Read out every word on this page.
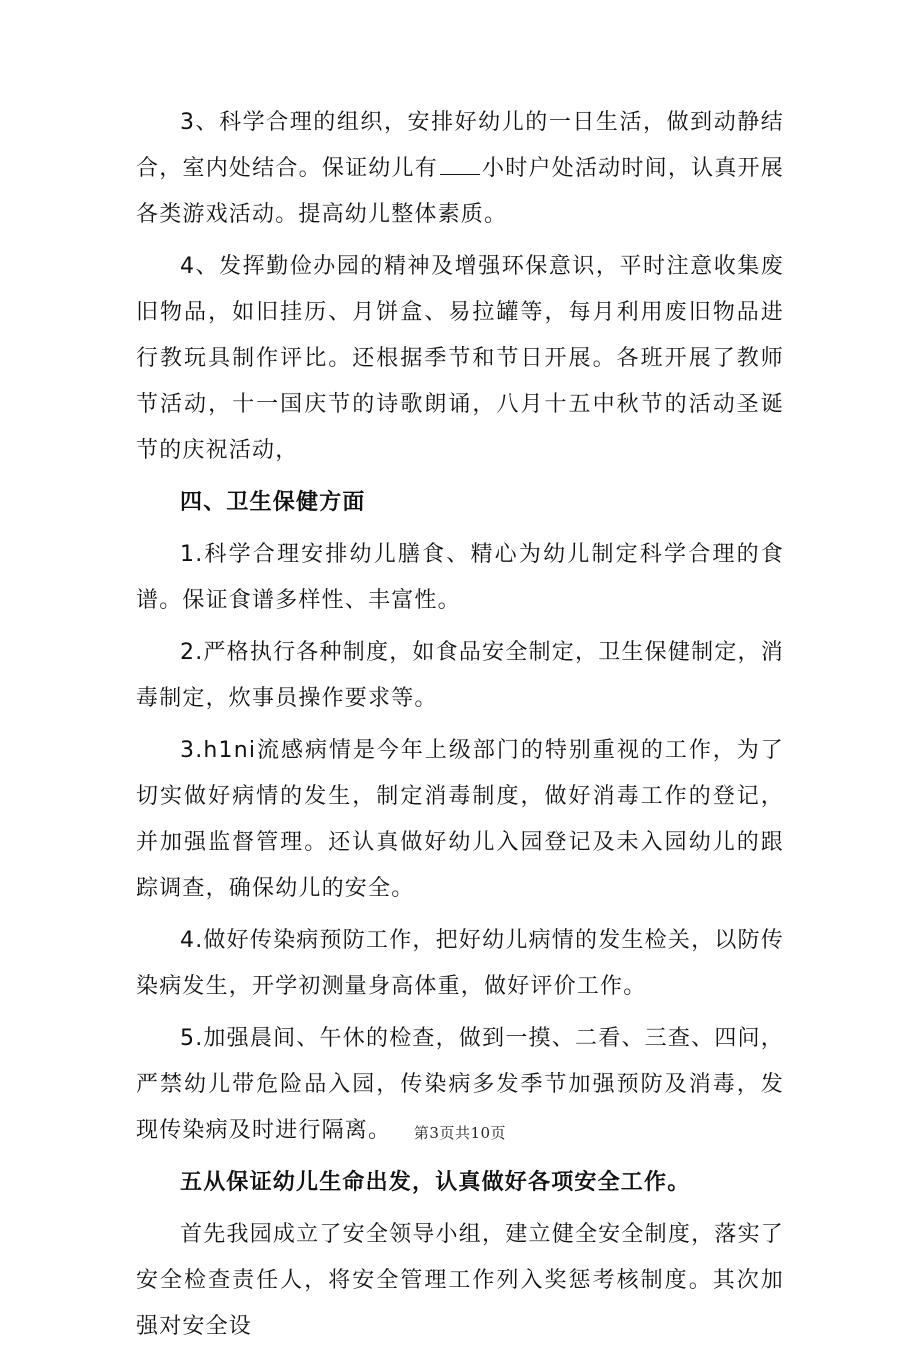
3、科学合理的组织，安排好幼儿的一日生活，做到动静结合，室内处结合。保证幼儿有 小时户处活动时间，认真开展各类游戏活动。提高幼儿整体素质。

4、发挥勤俭办园的精神及增强环保意识，平时注意收集废旧物品，如旧挂历、月饼盒、易拉罐等，每月利用废旧物品进行教玩具制作评比。还根据季节和节日开展。各班开展了教师节活动，十一国庆节的诗歌朗诵，八月十五中秋节的活动圣诞节的庆祝活动，

四、卫生保健方面

1.科学合理安排幼儿膳食、精心为幼儿制定科学合理的食谱。保证食谱多样性、丰富性。

2.严格执行各种制度，如食品安全制定，卫生保健制定，消毒制定，炊事员操作要求等。

3.h1ni流感病情是今年上级部门的特别重视的工作，为了切实做好病情的发生，制定消毒制度，做好消毒工作的登记，并加强监督管理。还认真做好幼儿入园登记及未入园幼儿的跟踪调查，确保幼儿的安全。

4.做好传染病预防工作，把好幼儿病情的发生检关，以防传染病发生，开学初测量身高体重，做好评价工作。

5.加强晨间、午休的检查，做到一摸、二看、三查、四问，严禁幼儿带危险品入园，传染病多发季节加强预防及消毒，发现传染病及时进行隔离。

五从保证幼儿生命出发，认真做好各项安全工作。

首先我园成立了安全领导小组，建立健全安全制度，落实了安全检查责任人，将安全管理工作列入奖惩考核制度。其次加强对安全设

第3页共10页
